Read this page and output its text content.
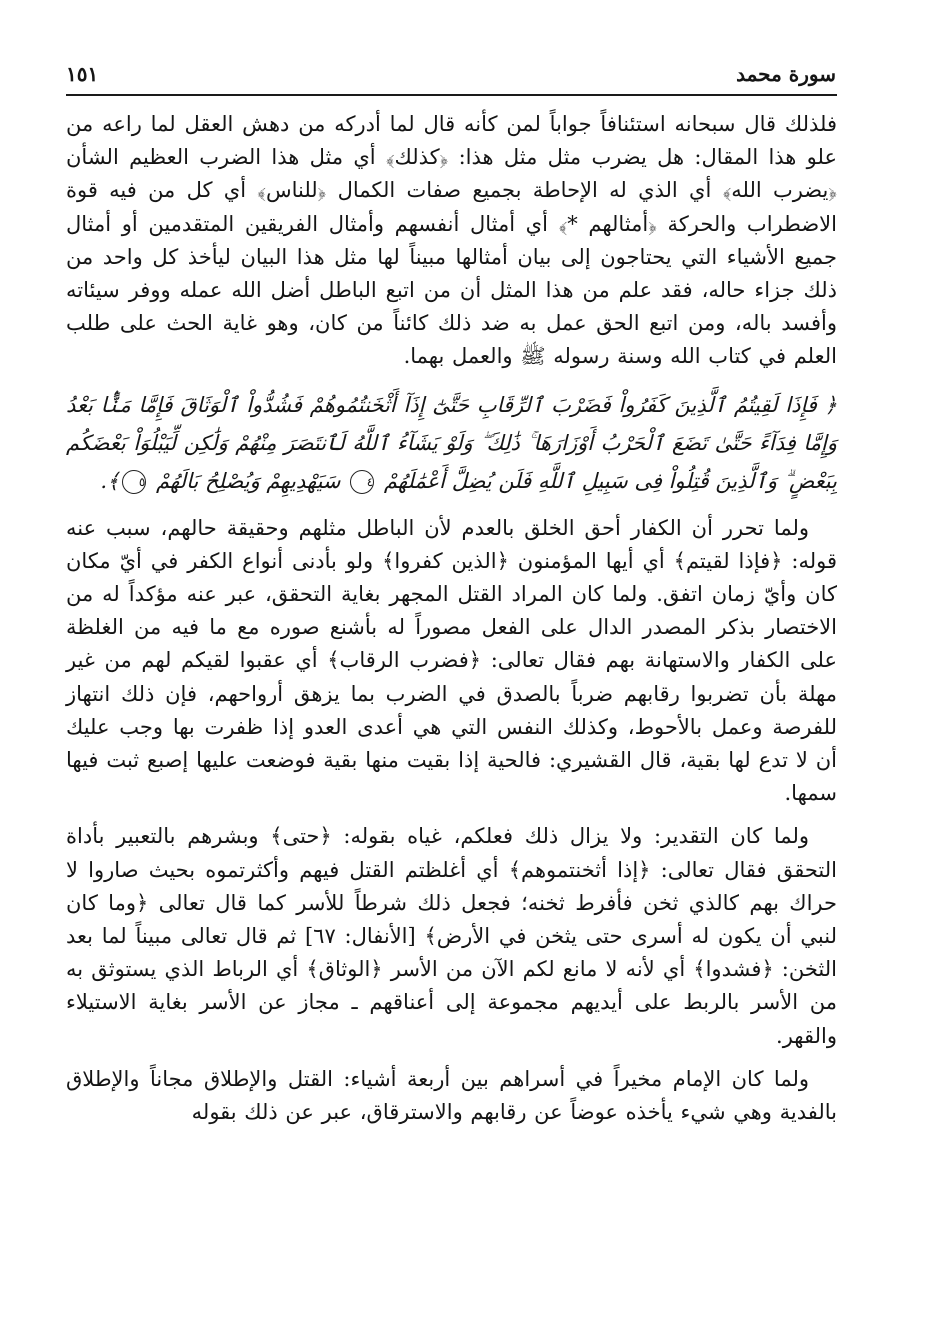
سورة محمد
١٥١

فلذلك قال سبحانه استئنافاً جواباً لمن كأنه قال لما أدركه من دهش العقل لما راعه من علو هذا المقال: هل يضرب مثل مثل هذا: ﴿كذلك﴾ أي مثل هذا الضرب العظيم الشأن ﴿يضرب الله﴾ أي الذي له الإحاطة بجميع صفات الكمال ﴿للناس﴾ أي كل من فيه قوة الاضطراب والحركة ﴿أمثالهم *﴾ أي أمثال أنفسهم وأمثال الفريقين المتقدمين أو أمثال جميع الأشياء التي يحتاجون إلى بيان أمثالها مبيناً لها مثل هذا البيان ليأخذ كل واحد من ذلك جزاء حاله، فقد علم من هذا المثل أن من اتبع الباطل أضل الله عمله ووفر سيئاته وأفسد باله، ومن اتبع الحق عمل به ضد ذلك كائناً من كان، وهو غاية الحث على طلب العلم في كتاب الله وسنة رسوله ﷺ والعمل بهما.

﴿ فَإِذَا لَقِيتُمُ ٱلَّذِينَ كَفَرُواْ فَضَرْبَ ٱلرِّقَابِ حَتَّىٰٓ إِذَآ أَثْخَنتُمُوهُمْ فَشُدُّواْ ٱلْوَثَاقَ فَإِمَّا مَنًّۢا بَعْدُ وَإِمَّا فِدَآءً حَتَّىٰ تَضَعَ ٱلْحَرْبُ أَوْزَارَهَا ۚ ذَٰلِكَ ۖ وَلَوْ يَشَآءُ ٱللَّهُ لَٱنتَصَرَ مِنْهُمْ وَلَٰكِن لِّيَبْلُوَاْ بَعْضَكُم بِبَعْضٍ ۗ وَٱلَّذِينَ قُتِلُواْ فِى سَبِيلِ ٱللَّهِ فَلَن يُضِلَّ أَعْمَٰلَهُمْ ٤ سَيَهْدِيهِمْ وَيُصْلِحُ بَالَهُمْ ٥﴾.

ولما تحرر أن الكفار أحق الخلق بالعدم لأن الباطل مثلهم وحقيقة حالهم، سبب عنه قوله: ﴿فإذا لقيتم﴾ أي أيها المؤمنون ﴿الذين كفروا﴾ ولو بأدنى أنواع الكفر في أيّ مكان كان وأيّ زمان اتفق. ولما كان المراد القتل المجهر بغاية التحقق، عبر عنه مؤكداً له من الاختصار بذكر المصدر الدال على الفعل مصوراً له بأشنع صوره مع ما فيه من الغلظة على الكفار والاستهانة بهم فقال تعالى: ﴿فضرب الرقاب﴾ أي عقبوا لقيكم لهم من غير مهلة بأن تضربوا رقابهم ضرباً بالصدق في الضرب بما يزهق أرواحهم، فإن ذلك انتهاز للفرصة وعمل بالأحوط، وكذلك النفس التي هي أعدى العدو إذا ظفرت بها وجب عليك أن لا تدع لها بقية، قال القشيري: فالحية إذا بقيت منها بقية فوضعت عليها إصبع ثبت فيها سمها.

ولما كان التقدير: ولا يزال ذلك فعلكم، غياه بقوله: ﴿حتى﴾ وبشرهم بالتعبير بأداة التحقق فقال تعالى: ﴿إذا أثخنتموهم﴾ أي أغلظتم القتل فيهم وأكثرتموه بحيث صاروا لا حراك بهم كالذي ثخن فأفرط ثخنه؛ فجعل ذلك شرطاً للأسر كما قال تعالى ﴿وما كان لنبي أن يكون له أسرى حتى يثخن في الأرض﴾ [الأنفال: ٦٧] ثم قال تعالى مبيناً لما بعد الثخن: ﴿فشدوا﴾ أي لأنه لا مانع لكم الآن من الأسر ﴿الوثاق﴾ أي الرباط الذي يستوثق به من الأسر بالربط على أيديهم مجموعة إلى أعناقهم ـ مجاز عن الأسر بغاية الاستيلاء والقهر.

ولما كان الإمام مخيراً في أسراهم بين أربعة أشياء: القتل والإطلاق مجاناً والإطلاق بالفدية وهي شيء يأخذه عوضاً عن رقابهم والاسترقاق، عبر عن ذلك بقوله
